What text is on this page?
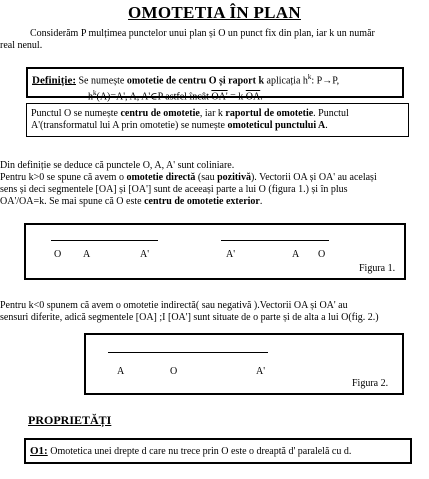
OMOTETIA ÎN PLAN
Considerăm P mulțimea punctelor unui plan și O un punct fix din plan, iar k un număr
real nenul.
Definiție: Se numește omotetie de centru O și raport k aplicația $h^k$: P→P,
$h^k(A)=A'$, A, A'∈P astfel încât OA' = k $\overline{OA}$.
Punctul O se numește centru de omotetie, iar k raportul de omotetie. Punctul
A'(transformatul lui A prin omotetie) se numește omoteticul punctului A.
Din definiție se deduce că punctele O, A, A' sunt coliniare.
Pentru k>0 se spune că avem o omotetie directă (sau pozitivă). Vectorii OA și OA' au același
sens și deci segmentele [OA] și [OA'] sunt de aceeași parte a lui O (figura 1.) și în plus
OA'/OA=k. Se mai spune că O este centru de omotetie exterior.
O A	A'	A'	A O
Figura 1.
Pentru k<0 spunem că avem o omotetie indirectă( sau negativă ).Vectorii OA și OA' au
sensuri diferite, adică segmentele [OA] ;I [OA'] sunt situate de o parte și de alta a lui O(fig. 2.)
A	O	A'
Figura 2.
PROPRIETĂȚI
O1: Omotetica unei drepte d care nu trece prin O este o dreaptă d' paralelă cu d.
